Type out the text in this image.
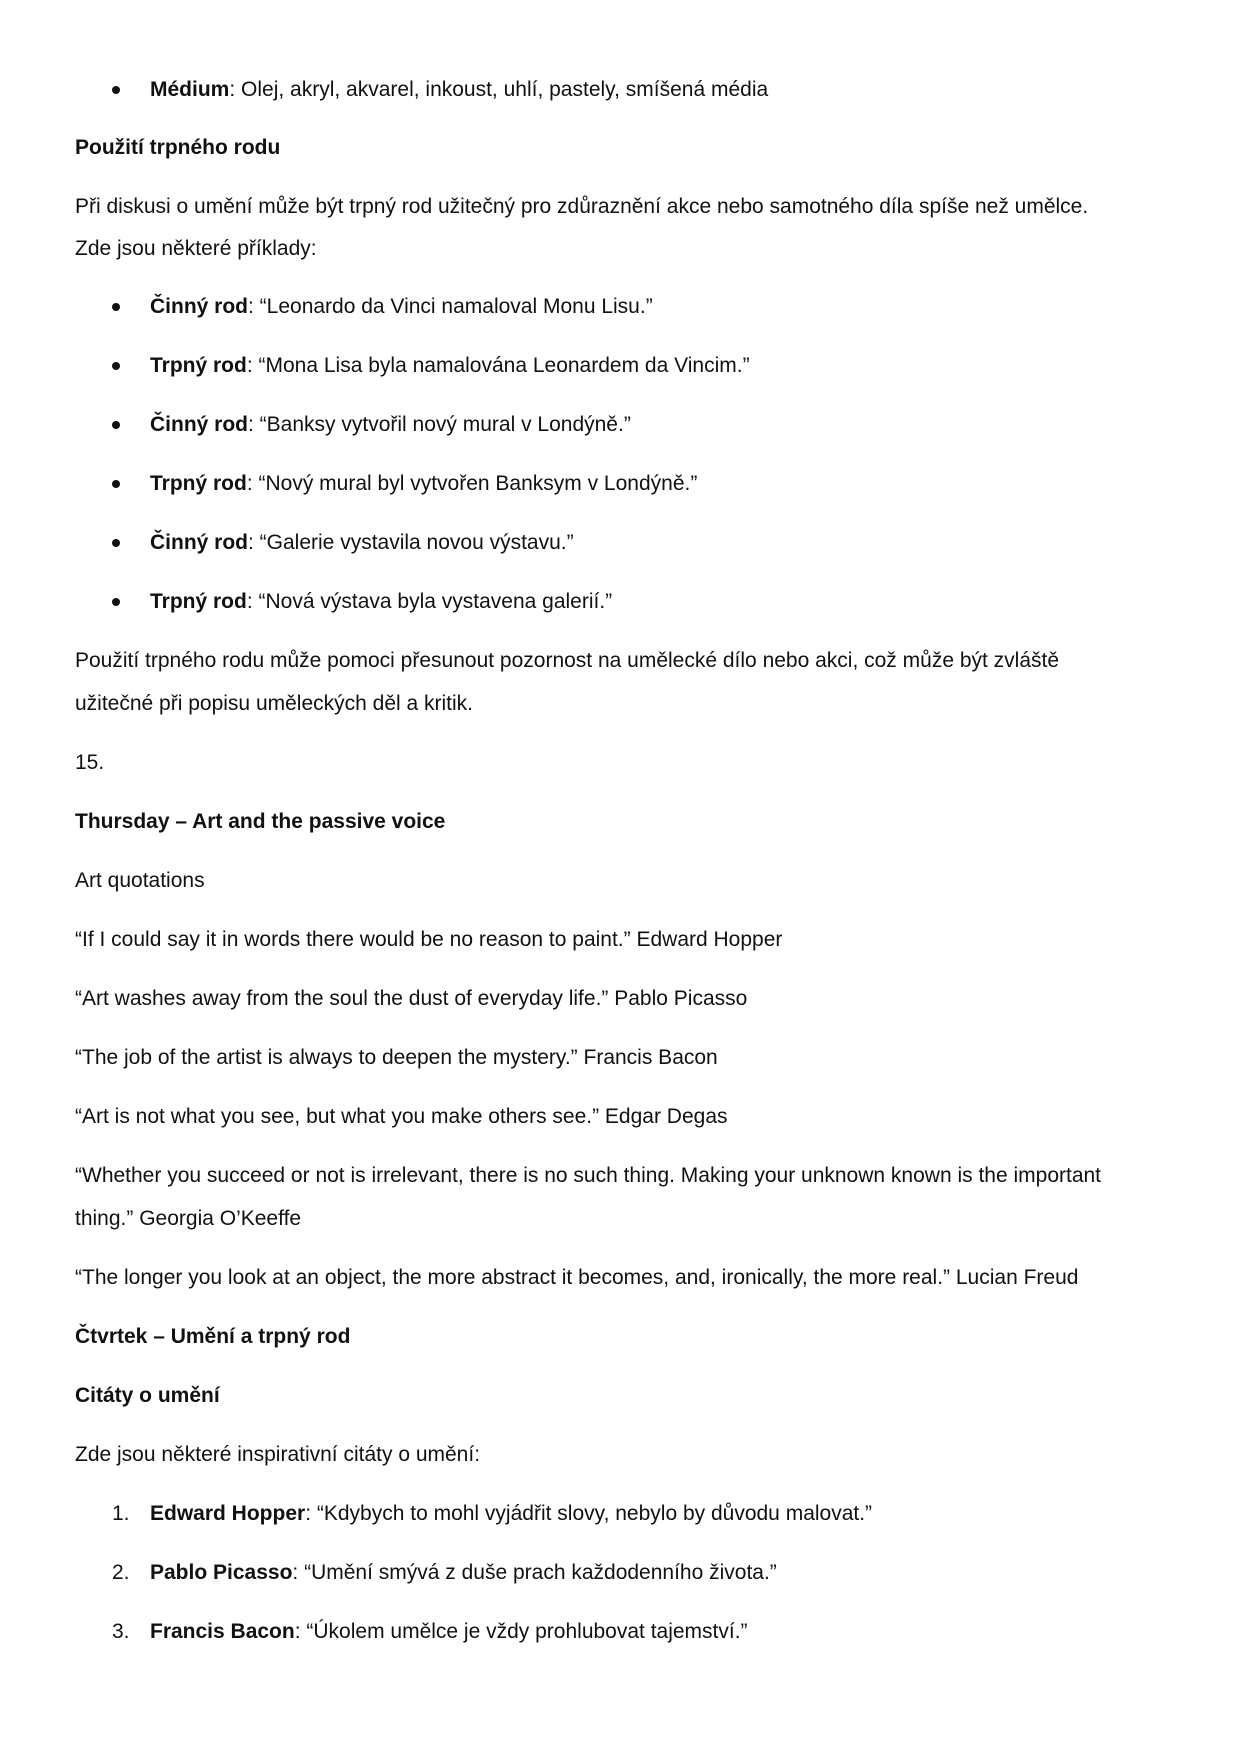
Médium: Olej, akryl, akvarel, inkoust, uhlí, pastely, smíšená média
Použití trpného rodu
Při diskusi o umění může být trpný rod užitečný pro zdůraznění akce nebo samotného díla spíše než umělce.
Zde jsou některé příklady:
Činný rod: “Leonardo da Vinci namaloval Monu Lisu.”
Trpný rod: “Mona Lisa byla namalována Leonardem da Vincim.”
Činný rod: “Banksy vytvořil nový mural v Londýně.”
Trpný rod: “Nový mural byl vytvořen Banksym v Londýně.”
Činný rod: “Galerie vystavila novou výstavu.”
Trpný rod: “Nová výstava byla vystavena galerií.”
Použití trpného rodu může pomoci přesunout pozornost na umělecké dílo nebo akci, což může být zvláště
užitečné při popisu uměleckých děl a kritik.
15.
Thursday – Art and the passive voice
Art quotations
“If I could say it in words there would be no reason to paint.” Edward Hopper
“Art washes away from the soul the dust of everyday life.” Pablo Picasso
“The job of the artist is always to deepen the mystery.” Francis Bacon
“Art is not what you see, but what you make others see.” Edgar Degas
“Whether you succeed or not is irrelevant, there is no such thing. Making your unknown known is the important
thing.” Georgia O’Keeffe
“The longer you look at an object, the more abstract it becomes, and, ironically, the more real.” Lucian Freud
Čtvrtek – Umění a trpný rod
Citáty o umění
Zde jsou některé inspirativní citáty o umění:
1. Edward Hopper: “Kdybych to mohl vyjádřit slovy, nebylo by důvodu malovat.”
2. Pablo Picasso: “Umění smývá z duše prach každodenního života.”
3. Francis Bacon: “Úkolem umělce je vždy prohlubovat tajemství.”
